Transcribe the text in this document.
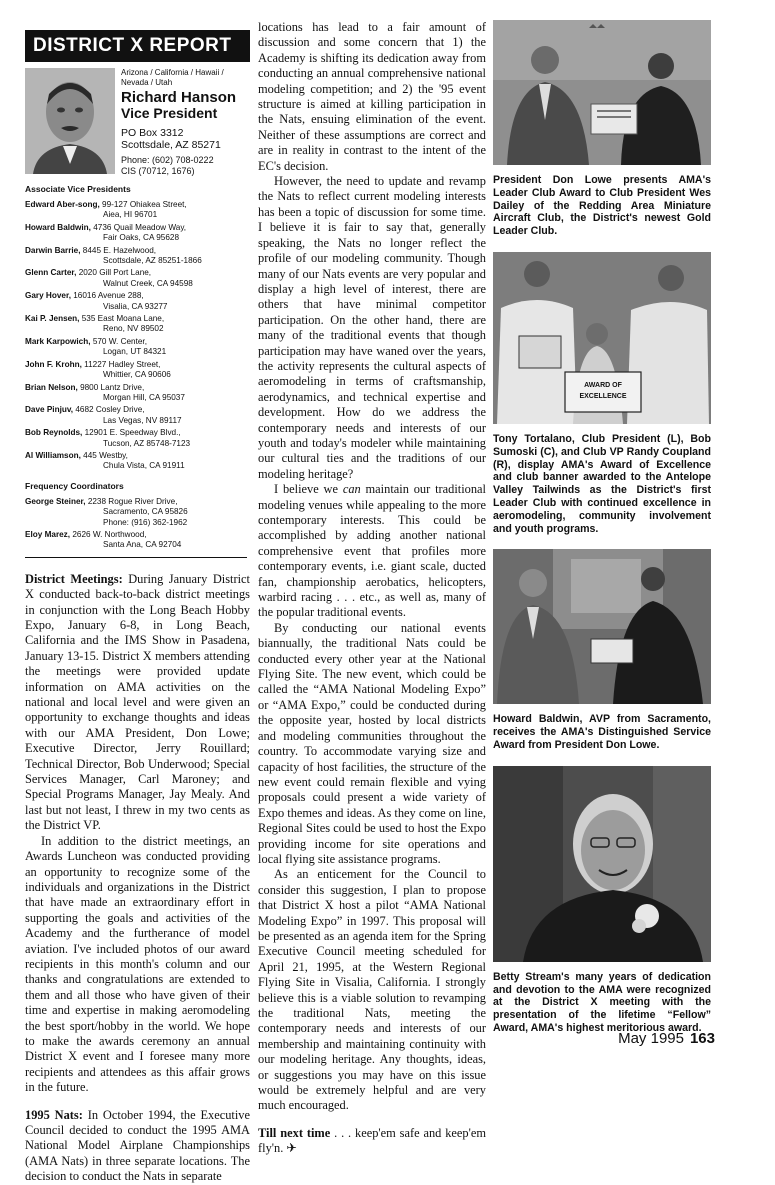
DISTRICT X REPORT
Arizona / California / Hawaii / Nevada / Utah
Richard Hanson
Vice President
PO Box 3312
Scottsdale, AZ 85271
Phone: (602) 708-0222
CIS (70712, 1676)
Associate Vice Presidents
Edward Aber-song, 99-127 Ohiakea Street,
Aiea, HI 96701
Howard Baldwin, 4736 Quail Meadow Way,
Fair Oaks, CA 95628
Darwin Barrie, 8445 E. Hazelwood,
Scottsdale, AZ 85251-1866
Glenn Carter, 2020 Gill Port Lane,
Walnut Creek, CA 94598
Gary Hover, 16016 Avenue 288,
Visalia, CA 93277
Kai P. Jensen, 535 East Moana Lane,
Reno, NV 89502
Mark Karpowich, 570 W. Center,
Logan, UT 84321
John F. Krohn, 11227 Hadley Street,
Whittier, CA 90606
Brian Nelson, 9800 Lantz Drive,
Morgan Hill, CA 95037
Dave Pinjuv, 4682 Cosley Drive,
Las Vegas, NV 89117
Bob Reynolds, 12901 E. Speedway Blvd.,
Tucson, AZ 85748-7123
Al Williamson, 445 Westby,
Chula Vista, CA 91911
Frequency Coordinators
George Steiner, 2238 Rogue River Drive,
Sacramento, CA 95826
Phone: (916) 362-1962
Eloy Marez, 2626 W. Northwood,
Santa Ana, CA 92704

District Meetings: During January District X conducted back-to-back district meetings in conjunction with the Long Beach Hobby Expo, January 6-8, in Long Beach, California and the IMS Show in Pasadena, January 13-15. District X members attending the meetings were provided update information on AMA activities on the national and local level and were given an opportunity to exchange thoughts and ideas with our AMA President, Don Lowe; Executive Director, Jerry Rouillard; Technical Director, Bob Underwood; Special Services Manager, Carl Maroney; and Special Programs Manager, Jay Mealy. And last but not least, I threw in my two cents as the District VP.

In addition to the district meetings, an Awards Luncheon was conducted providing an opportunity to recognize some of the individuals and organizations in the District that have made an extraordinary effort in supporting the goals and activities of the Academy and the furtherance of model aviation. I've included photos of our award recipients in this month's column and our thanks and congratulations are extended to them and all those who have given of their time and expertise in making aeromodeling the best sport/hobby in the world. We hope to make the awards ceremony an annual District X event and I foresee many more recipients and attendees as this affair grows in the future.

1995 Nats: In October 1994, the Executive Council decided to conduct the 1995 AMA National Model Airplane Championships (AMA Nats) in three separate locations. The decision to conduct the Nats in separate

locations has lead to a fair amount of discussion and some concern that 1) the Academy is shifting its dedication away from conducting an annual comprehensive national modeling competition; and 2) the '95 event structure is aimed at killing participation in the Nats, ensuing elimination of the event. Neither of these assumptions are correct and are in reality in contrast to the intent of the EC's decision.

However, the need to update and revamp the Nats to reflect current modeling interests has been a topic of discussion for some time. I believe it is fair to say that, generally speaking, the Nats no longer reflect the profile of our modeling community. Though many of our Nats events are very popular and display a high level of interest, there are others that have minimal competitor participation. On the other hand, there are many of the traditional events that though participation may have waned over the years, the activity represents the cultural aspects of aeromodeling in terms of craftsmanship, aerodynamics, and technical expertise and development. How do we address the contemporary needs and interests of our youth and today's modeler while maintaining our cultural ties and the traditions of our modeling heritage?

I believe we can maintain our traditional modeling venues while appealing to the more contemporary interests. This could be accomplished by adding another national comprehensive event that profiles more contemporary events, i.e. giant scale, ducted fan, championship aerobatics, helicopters, warbird racing . . . etc., as well as, many of the popular traditional events.

By conducting our national events biannually, the traditional Nats could be conducted every other year at the National Flying Site. The new event, which could be called the “AMA National Modeling Expo” or “AMA Expo,” could be conducted during the opposite year, hosted by local districts and modeling communities throughout the country. To accommodate varying size and capacity of host facilities, the structure of the new event could remain flexible and vying proposals could present a wide variety of Expo themes and ideas. As they come on line, Regional Sites could be used to host the Expo providing income for site operations and local flying site assistance programs.

As an enticement for the Council to consider this suggestion, I plan to propose that District X host a pilot “AMA National Modeling Expo” in 1997. This proposal will be presented as an agenda item for the Spring Executive Council meeting scheduled for April 21, 1995, at the Western Regional Flying Site in Visalia, California. I strongly believe this is a viable solution to revamping the traditional Nats, meeting the contemporary needs and interests of our membership and maintaining continuity with our modeling heritage. Any thoughts, ideas, or suggestions you may have on this issue would be extremely helpful and are very much encouraged.

Till next time . . . keep'em safe and keep'em fly'n. ✈

President Don Lowe presents AMA's Leader Club Award to Club President Wes Dailey of the Redding Area Miniature Aircraft Club, the District's newest Gold Leader Club.
AWARD OF
EXCELLENCE
Tony Tortalano, Club President (L), Bob Sumoski (C), and Club VP Randy Coupland (R), display AMA's Award of Excellence and club banner awarded to the Antelope Valley Tailwinds as the District's first Leader Club with continued excellence in aeromodeling, community involvement and youth programs.
Howard Baldwin, AVP from Sacramento, receives the AMA's Distinguished Service Award from President Don Lowe.
Betty Stream's many years of dedication and devotion to the AMA were recognized at the District X meeting with the presentation of the lifetime “Fellow” Award, AMA's highest meritorious award.
May 1995 163
